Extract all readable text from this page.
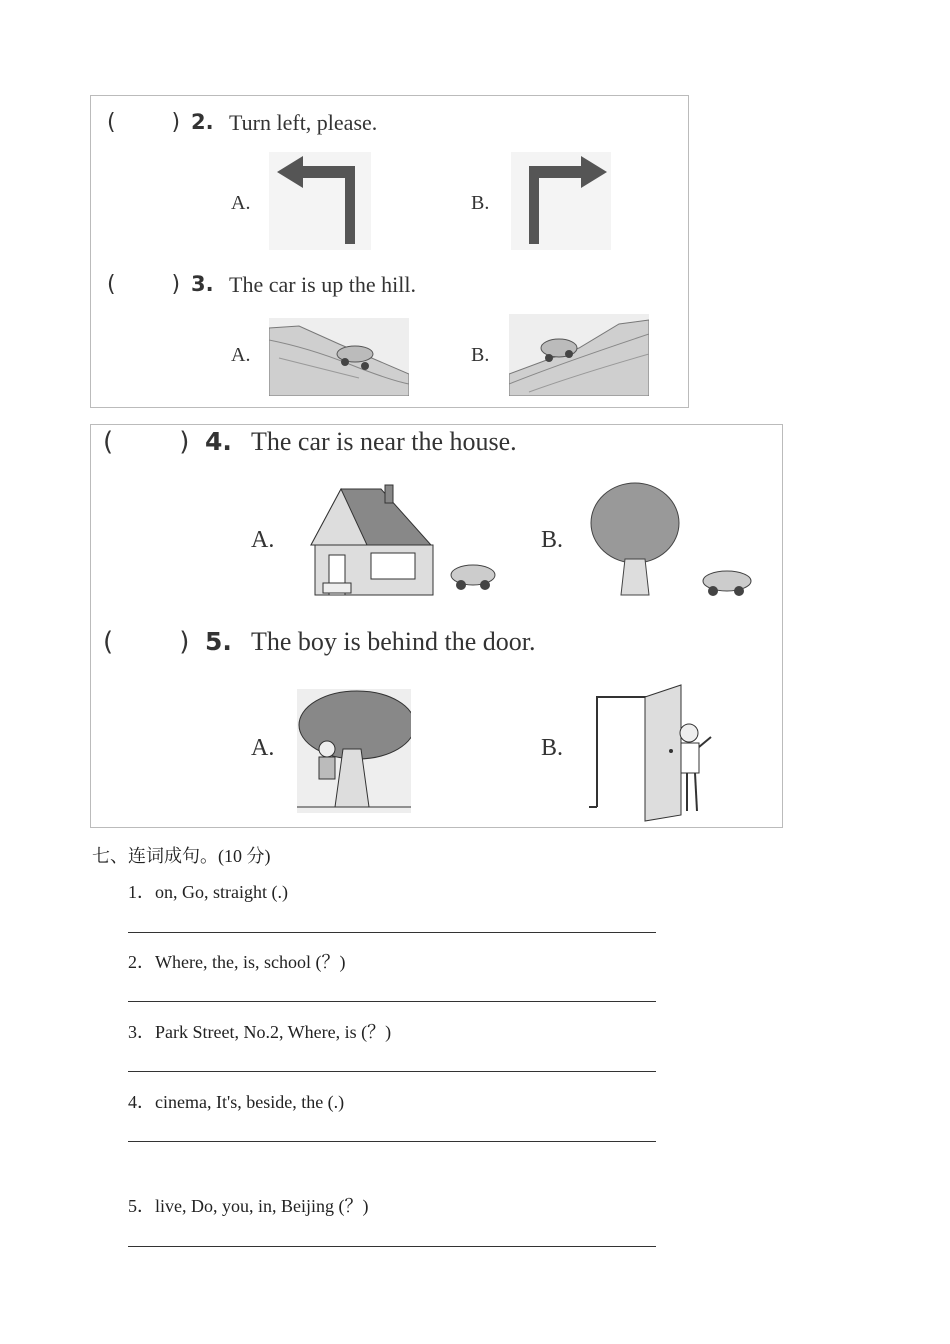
(        ) 2. Turn left, please.
A.	B.
(        ) 3. The car is up the hill.
A.	B.
(        ) 4. The car is near the house.
A.	B.
(        ) 5. The boy is behind the door.
A.	B.
七、连词成句。(10 分)
1．on, Go, straight (.)
2．Where, the, is, school (？)
3．Park Street, No.2, Where, is (？)
4．cinema, It's, beside, the (.)
5．live, Do, you, in, Beijing (？)
